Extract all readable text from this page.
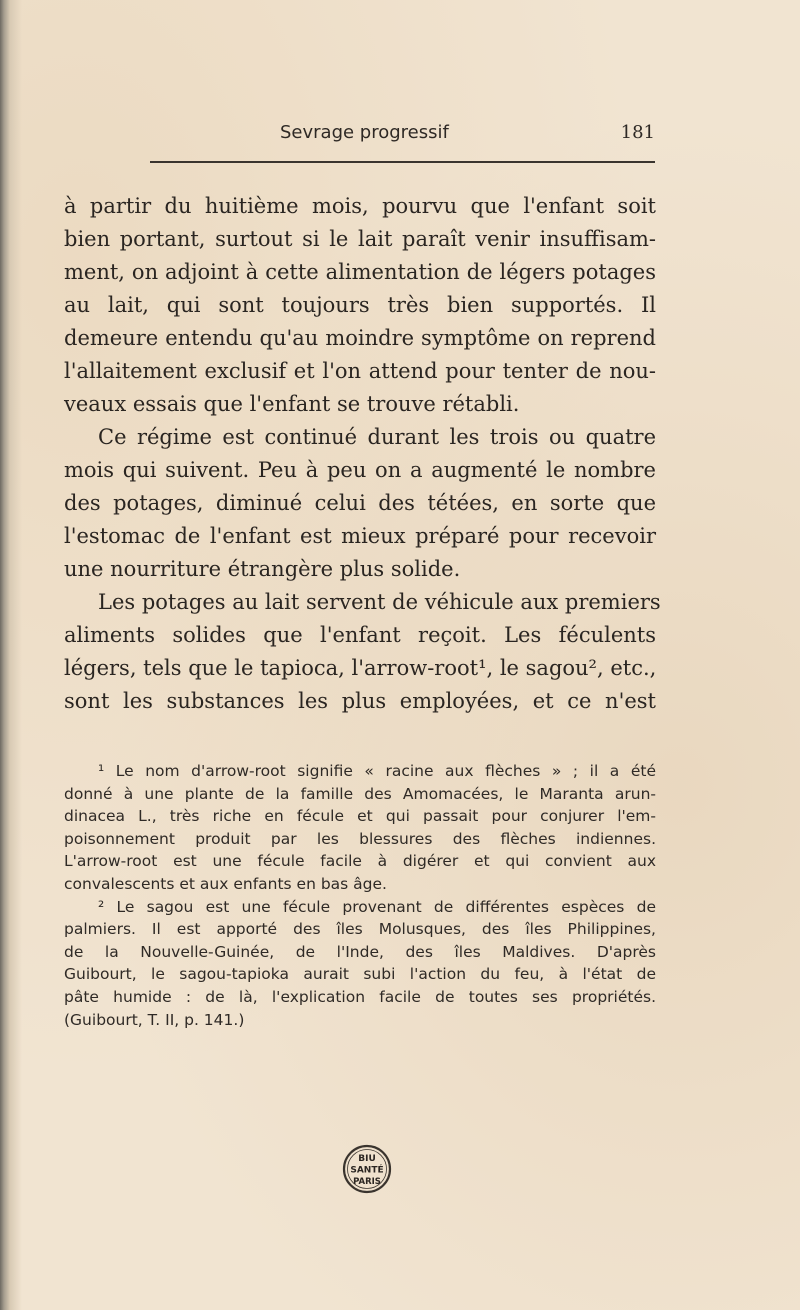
Sevrage progressif	181
à partir du huitième mois, pourvu que l'enfant soit
bien portant, surtout si le lait paraît venir insuffisam-
ment, on adjoint à cette alimentation de légers potages
au lait, qui sont toujours très bien supportés. Il
demeure entendu qu'au moindre symptôme on reprend
l'allaitement exclusif et l'on attend pour tenter de nou-
veaux essais que l'enfant se trouve rétabli.
Ce régime est continué durant les trois ou quatre
mois qui suivent. Peu à peu on a augmenté le nombre
des potages, diminué celui des tétées, en sorte que
l'estomac de l'enfant est mieux préparé pour recevoir
une nourriture étrangère plus solide.
Les potages au lait servent de véhicule aux premiers
aliments solides que l'enfant reçoit. Les féculents
légers, tels que le tapioca, l'arrow-root¹, le sagou², etc.,
sont les substances les plus employées, et ce n'est
¹ Le nom d'arrow-root signifie « racine aux flèches » ; il a été
donné à une plante de la famille des Amomacées, le Maranta arun-
dinacea L., très riche en fécule et qui passait pour conjurer l'em-
poisonnement produit par les blessures des flèches indiennes.
L'arrow-root est une fécule facile à digérer et qui convient aux
convalescents et aux enfants en bas âge.
² Le sagou est une fécule provenant de différentes espèces de
palmiers. Il est apporté des îles Molusques, des îles Philippines,
de la Nouvelle-Guinée, de l'Inde, des îles Maldives. D'après
Guibourt, le sagou-tapioka aurait subi l'action du feu, à l'état de
pâte humide : de là, l'explication facile de toutes ses propriétés.
(Guibourt, T. II, p. 141.)
BIU
SANTÉ
PARIS
